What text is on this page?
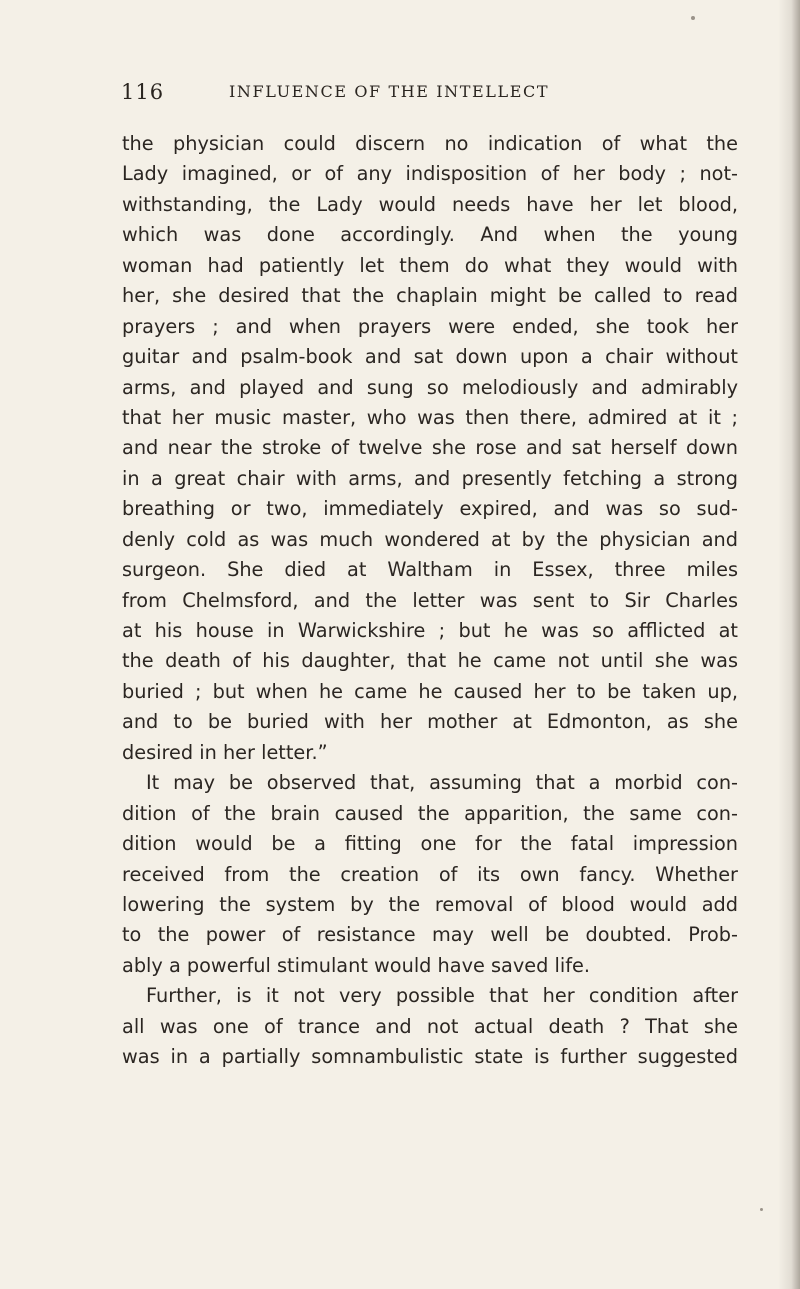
116	INFLUENCE OF THE INTELLECT
the physician could discern no indication of what the
Lady imagined, or of any indisposition of her body ; not-
withstanding, the Lady would needs have her let blood,
which was done accordingly. And when the young
woman had patiently let them do what they would with
her, she desired that the chaplain might be called to read
prayers ; and when prayers were ended, she took her
guitar and psalm-book and sat down upon a chair without
arms, and played and sung so melodiously and admirably
that her music master, who was then there, admired at it ;
and near the stroke of twelve she rose and sat herself down
in a great chair with arms, and presently fetching a strong
breathing or two, immediately expired, and was so sud-
denly cold as was much wondered at by the physician and
surgeon. She died at Waltham in Essex, three miles
from Chelmsford, and the letter was sent to Sir Charles
at his house in Warwickshire ; but he was so afflicted at
the death of his daughter, that he came not until she was
buried ; but when he came he caused her to be taken up,
and to be buried with her mother at Edmonton, as she
desired in her letter.”
It may be observed that, assuming that a morbid con-
dition of the brain caused the apparition, the same con-
dition would be a fitting one for the fatal impression
received from the creation of its own fancy. Whether
lowering the system by the removal of blood would add
to the power of resistance may well be doubted. Prob-
ably a powerful stimulant would have saved life.
Further, is it not very possible that her condition after
all was one of trance and not actual death ? That she
was in a partially somnambulistic state is further suggested
